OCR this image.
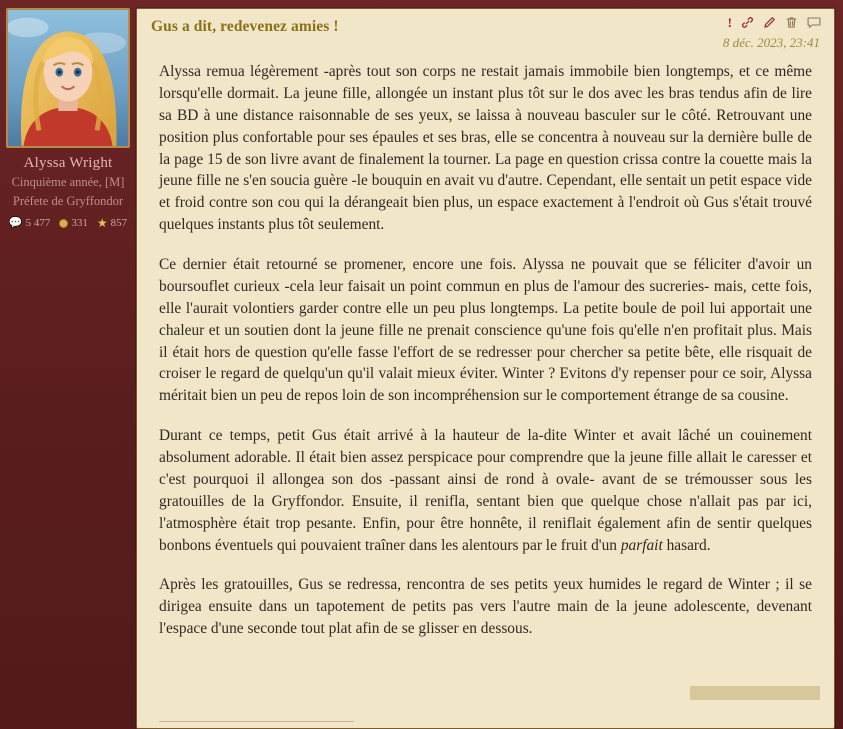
Alyssa Wright
Cinquième année, [M]
Préfete de Gryffondor
💬 5 477 331 ★ 857
Gus a dit, redevenez amies !
8 déc. 2023, 23:41
!

Alyssa remua légèrement -après tout son corps ne restait jamais immobile bien longtemps, et ce même lorsqu'elle dormait. La jeune fille, allongée un instant plus tôt sur le dos avec les bras tendus afin de lire sa BD à une distance raisonnable de ses yeux, se laissa à nouveau basculer sur le côté. Retrouvant une position plus confortable pour ses épaules et ses bras, elle se concentra à nouveau sur la dernière bulle de la page 15 de son livre avant de finalement la tourner. La page en question crissa contre la couette mais la jeune fille ne s'en soucia guère -le bouquin en avait vu d'autre. Cependant, elle sentait un petit espace vide et froid contre son cou qui la dérangeait bien plus, un espace exactement à l'endroit où Gus s'était trouvé quelques instants plus tôt seulement.

Ce dernier était retourné se promener, encore une fois. Alyssa ne pouvait que se féliciter d'avoir un boursouflet curieux -cela leur faisait un point commun en plus de l'amour des sucreries- mais, cette fois, elle l'aurait volontiers garder contre elle un peu plus longtemps. La petite boule de poil lui apportait une chaleur et un soutien dont la jeune fille ne prenait conscience qu'une fois qu'elle n'en profitait plus. Mais il était hors de question qu'elle fasse l'effort de se redresser pour chercher sa petite bête, elle risquait de croiser le regard de quelqu'un qu'il valait mieux éviter. Winter ? Evitons d'y repenser pour ce soir, Alyssa méritait bien un peu de repos loin de son incompréhension sur le comportement étrange de sa cousine.

Durant ce temps, petit Gus était arrivé à la hauteur de la-dite Winter et avait lâché un couinement absolument adorable. Il était bien assez perspicace pour comprendre que la jeune fille allait le caresser et c'est pourquoi il allongea son dos -passant ainsi de rond à ovale- avant de se trémousser sous les gratouilles de la Gryffondor. Ensuite, il renifla, sentant bien que quelque chose n'allait pas par ici, l'atmosphère était trop pesante. Enfin, pour être honnête, il reniflait également afin de sentir quelques bonbons éventuels qui pouvaient traîner dans les alentours par le fruit d'un parfait hasard.

Après les gratouilles, Gus se redressa, rencontra de ses petits yeux humides le regard de Winter ; il se dirigea ensuite dans un tapotement de petits pas vers l'autre main de la jeune adolescente, devenant l'espace d'une seconde tout plat afin de se glisser en dessous.
